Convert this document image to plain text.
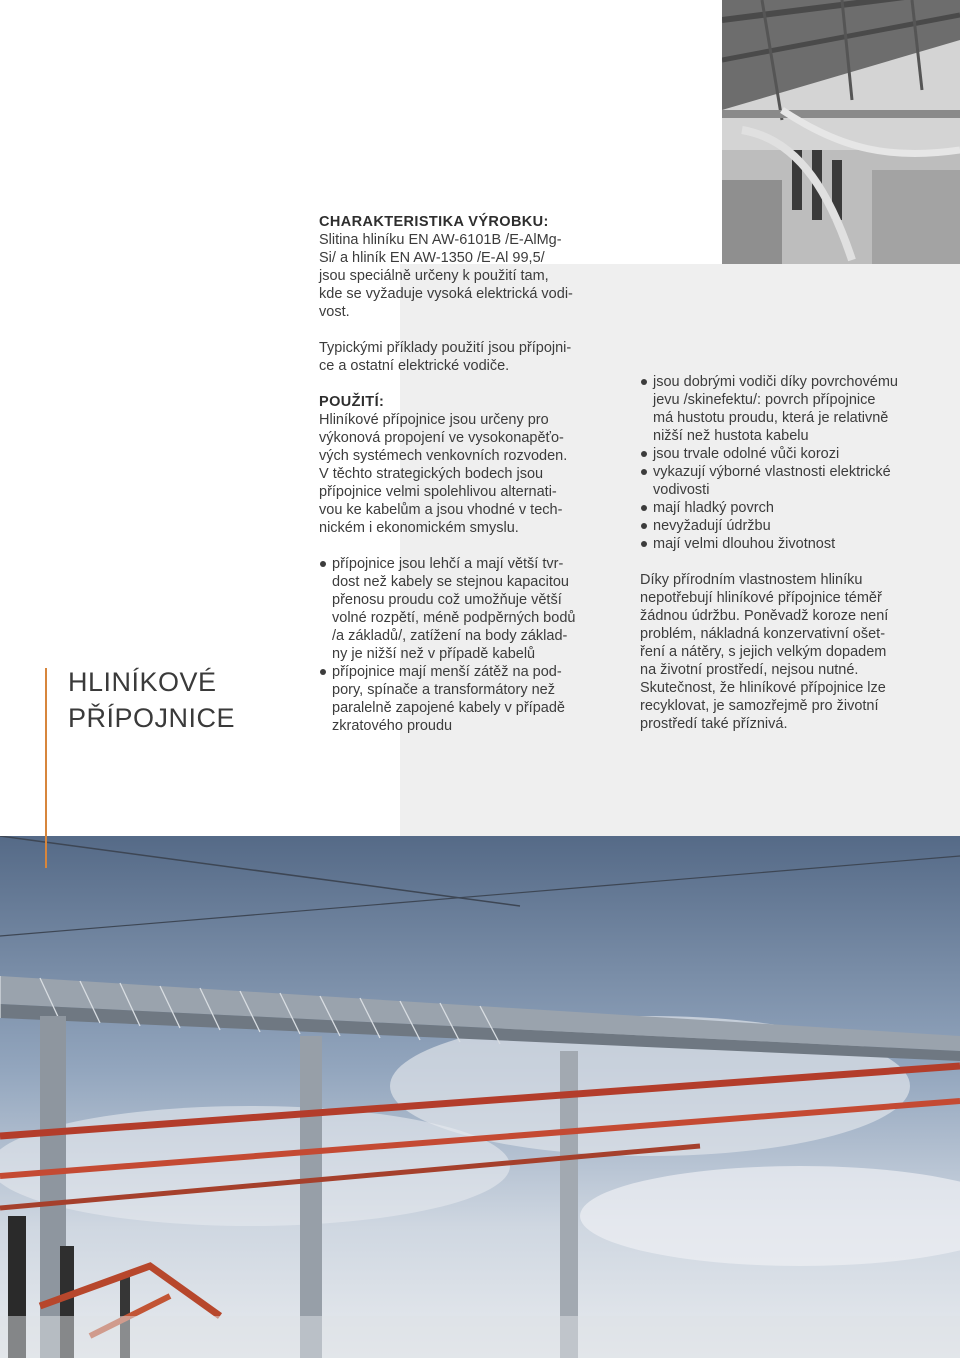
HLINÍKOVÉ
PŘÍPOJNICE

CHARAKTERISTIKA VÝROBKU:

Slitina hliníku EN AW-6101B /E-AlMg-
Si/ a hliník EN AW-1350 /E-Al 99,5/
jsou speciálně určeny k použití tam,
kde se vyžaduje vysoká elektrická vodi-
vost.

Typickými příklady použití jsou přípojni-
ce a ostatní elektrické vodiče.

POUŽITÍ:

Hliníkové přípojnice jsou určeny pro
výkonová propojení ve vysokonapěťo-
vých systémech venkovních rozvoden.
V těchto strategických bodech jsou
přípojnice velmi spolehlivou alternati-
vou ke kabelům a jsou vhodné v tech-
nickém i ekonomickém smyslu.

přípojnice jsou lehčí a mají větší tvr-
dost než kabely se stejnou kapacitou
přenosu proudu což umožňuje větší
volné rozpětí, méně podpěrných bodů
/a základů/, zatížení na body základ-
ny je nižší než v případě kabelů
přípojnice mají menší zátěž na pod-
pory, spínače a transformátory než
paralelně zapojené kabely v případě
zkratového proudu
jsou dobrými vodiči díky povrchovému
jevu /skinefektu/: povrch přípojnice
má hustotu proudu, která je relativně
nižší než hustota kabelu
jsou trvale odolné vůči korozi
vykazují výborné vlastnosti elektrické
vodivosti
mají hladký povrch
nevyžadují údržbu
mají velmi dlouhou životnost

Díky přírodním vlastnostem hliníku
nepotřebují hliníkové přípojnice téměř
žádnou údržbu. Poněvadž koroze není
problém, nákladná konzervativní ošet-
ření a nátěry, s jejich velkým dopadem
na životní prostředí, nejsou nutné.
Skutečnost, že hliníkové přípojnice lze
recyklovat, je samozřejmě pro životní
prostředí také příznivá.
